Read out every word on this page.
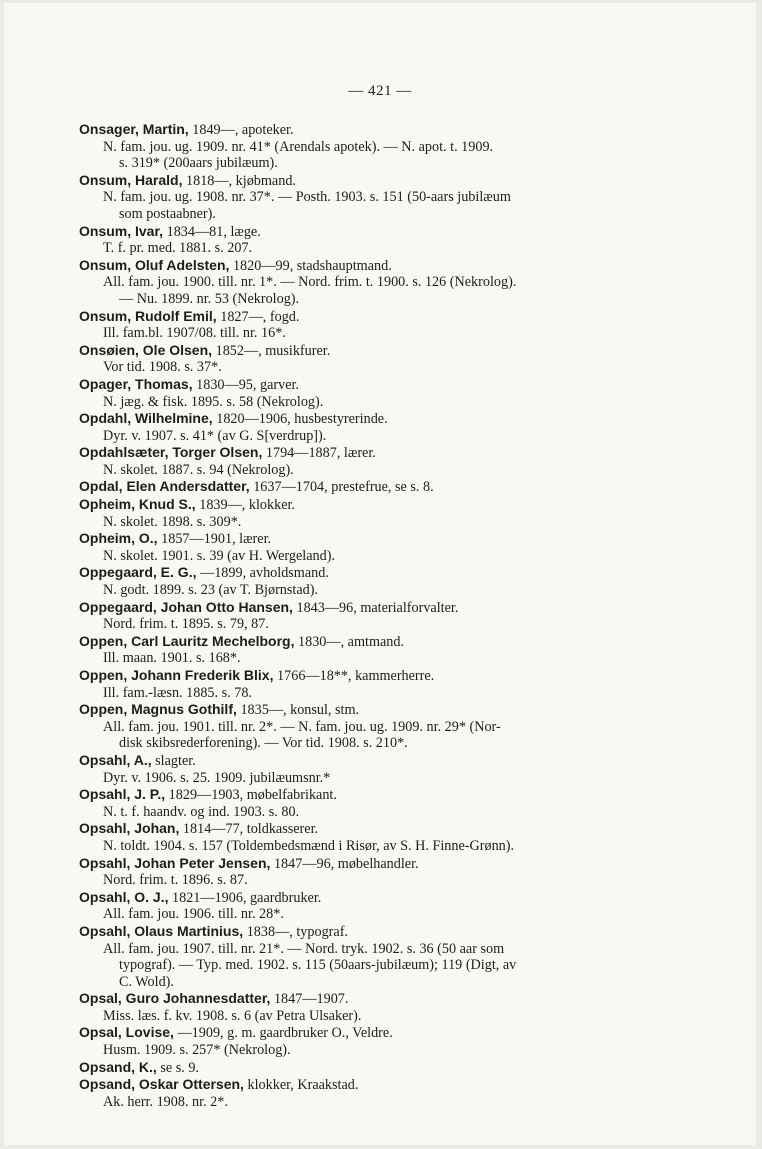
— 421 —
Onsager, Martin, 1849—, apoteker.
N. fam. jou. ug. 1909. nr. 41* (Arendals apotek). — N. apot. t. 1909.
s. 319* (200aars jubilæum).
Onsum, Harald, 1818—, kjøbmand.
N. fam. jou. ug. 1908. nr. 37*. — Posth. 1903. s. 151 (50-aars jubilæum
som postaabner).
Onsum, Ivar, 1834—81, læge.
T. f. pr. med. 1881. s. 207.
Onsum, Oluf Adelsten, 1820—99, stadshauptmand.
All. fam. jou. 1900. till. nr. 1*. — Nord. frim. t. 1900. s. 126 (Nekrolog).
— Nu. 1899. nr. 53 (Nekrolog).
Onsum, Rudolf Emil, 1827—, fogd.
Ill. fam.bl. 1907/08. till. nr. 16*.
Onsøien, Ole Olsen, 1852—, musikfurer.
Vor tid. 1908. s. 37*.
Opager, Thomas, 1830—95, garver.
N. jæg. & fisk. 1895. s. 58 (Nekrolog).
Opdahl, Wilhelmine, 1820—1906, husbestyrerinde.
Dyr. v. 1907. s. 41* (av G. S[verdrup]).
Opdahlsæter, Torger Olsen, 1794—1887, lærer.
N. skolet. 1887. s. 94 (Nekrolog).
Opdal, Elen Andersdatter, 1637—1704, prestefrue, se s. 8.
Opheim, Knud S., 1839—, klokker.
N. skolet. 1898. s. 309*.
Opheim, O., 1857—1901, lærer.
N. skolet. 1901. s. 39 (av H. Wergeland).
Oppegaard, E. G., —1899, avholdsmand.
N. godt. 1899. s. 23 (av T. Bjørnstad).
Oppegaard, Johan Otto Hansen, 1843—96, materialforvalter.
Nord. frim. t. 1895. s. 79, 87.
Oppen, Carl Lauritz Mechelborg, 1830—, amtmand.
Ill. maan. 1901. s. 168*.
Oppen, Johann Frederik Blix, 1766—18**, kammerherre.
Ill. fam.-læsn. 1885. s. 78.
Oppen, Magnus Gothilf, 1835—, konsul, stm.
All. fam. jou. 1901. till. nr. 2*. — N. fam. jou. ug. 1909. nr. 29* (Nor-
disk skibsrederforening). — Vor tid. 1908. s. 210*.
Opsahl, A., slagter.
Dyr. v. 1906. s. 25. 1909. jubilæumsnr.*
Opsahl, J. P., 1829—1903, møbelfabrikant.
N. t. f. haandv. og ind. 1903. s. 80.
Opsahl, Johan, 1814—77, toldkasserer.
N. toldt. 1904. s. 157 (Toldembedsmænd i Risør, av S. H. Finne-Grønn).
Opsahl, Johan Peter Jensen, 1847—96, møbelhandler.
Nord. frim. t. 1896. s. 87.
Opsahl, O. J., 1821—1906, gaardbruker.
All. fam. jou. 1906. till. nr. 28*.
Opsahl, Olaus Martinius, 1838—, typograf.
All. fam. jou. 1907. till. nr. 21*. — Nord. tryk. 1902. s. 36 (50 aar som
typograf). — Typ. med. 1902. s. 115 (50aars-jubilæum); 119 (Digt, av
C. Wold).
Opsal, Guro Johannesdatter, 1847—1907.
Miss. læs. f. kv. 1908. s. 6 (av Petra Ulsaker).
Opsal, Lovise, —1909, g. m. gaardbruker O., Veldre.
Husm. 1909. s. 257* (Nekrolog).
Opsand, K., se s. 9.
Opsand, Oskar Ottersen, klokker, Kraakstad.
Ak. herr. 1908. nr. 2*.
